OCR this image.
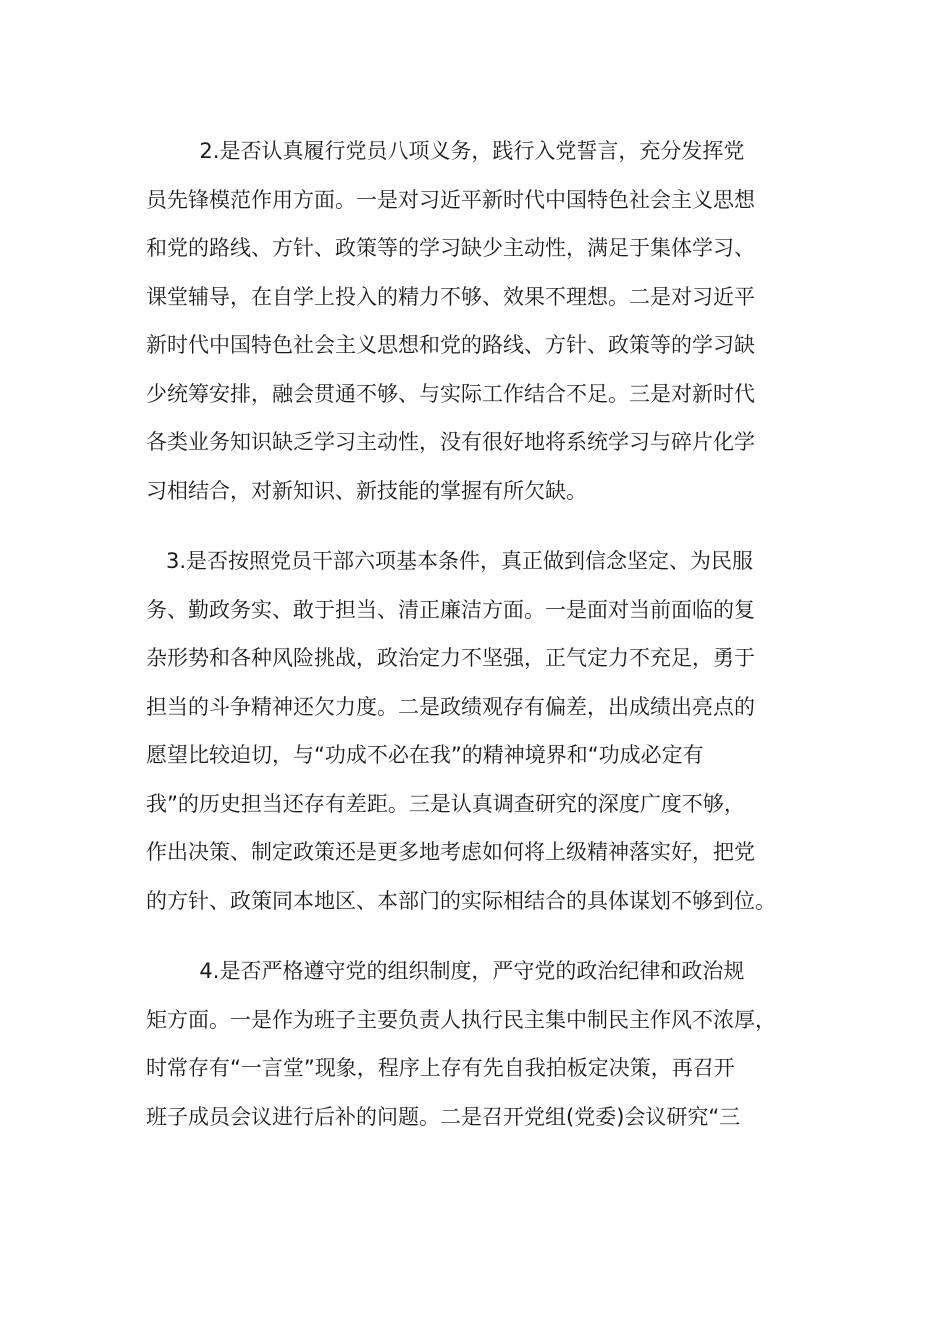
2.是否认真履行党员八项义务，践行入党誓言，充分发挥党
员先锋模范作用方面。一是对习近平新时代中国特色社会主义思想
和党的路线、方针、政策等的学习缺少主动性，满足于集体学习、
课堂辅导，在自学上投入的精力不够、效果不理想。二是对习近平
新时代中国特色社会主义思想和党的路线、方针、政策等的学习缺
少统筹安排，融会贯通不够、与实际工作结合不足。三是对新时代
各类业务知识缺乏学习主动性，没有很好地将系统学习与碎片化学
习相结合，对新知识、新技能的掌握有所欠缺。
3.是否按照党员干部六项基本条件，真正做到信念坚定、为民服
务、勤政务实、敢于担当、清正廉洁方面。一是面对当前面临的复
杂形势和各种风险挑战，政治定力不坚强，正气定力不充足，勇于
担当的斗争精神还欠力度。二是政绩观存有偏差，出成绩出亮点的
愿望比较迫切，与“功成不必在我”的精神境界和“功成必定有
我”的历史担当还存有差距。三是认真调查研究的深度广度不够，
作出决策、制定政策还是更多地考虑如何将上级精神落实好，把党
的方针、政策同本地区、本部门的实际相结合的具体谋划不够到位。
4.是否严格遵守党的组织制度，严守党的政治纪律和政治规
矩方面。一是作为班子主要负责人执行民主集中制民主作风不浓厚，
时常存有“一言堂”现象，程序上存有先自我拍板定决策，再召开
班子成员会议进行后补的问题。二是召开党组(党委)会议研究“三
